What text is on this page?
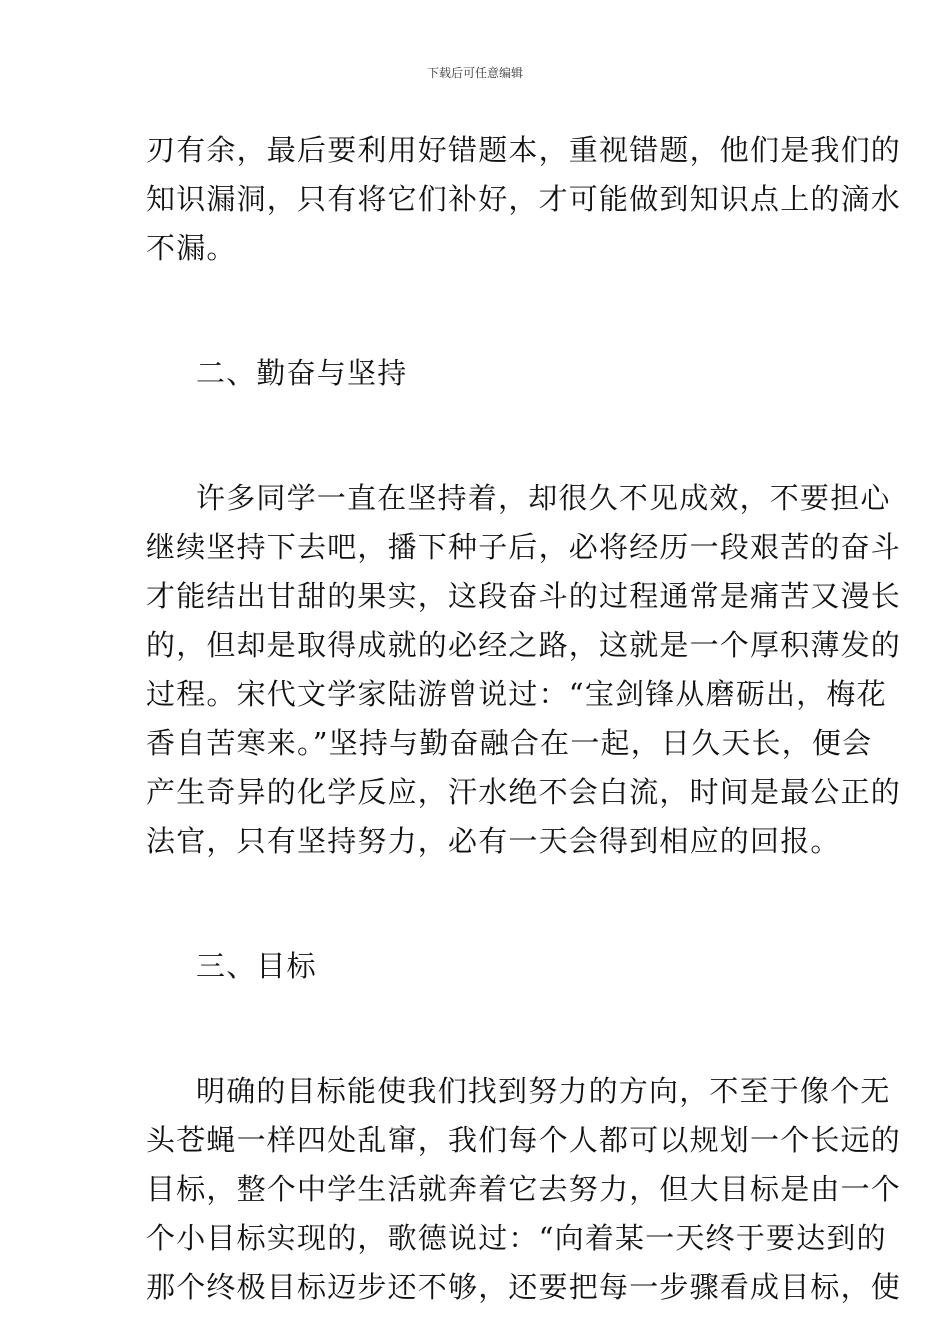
下载后可任意编辑
刃有余，最后要利用好错题本，重视错题，他们是我们的
知识漏洞，只有将它们补好，才可能做到知识点上的滴水
不漏。
二、勤奋与坚持
许多同学一直在坚持着，却很久不见成效，不要担心
继续坚持下去吧，播下种子后，必将经历一段艰苦的奋斗
才能结出甘甜的果实，这段奋斗的过程通常是痛苦又漫长
的，但却是取得成就的必经之路，这就是一个厚积薄发的
过程。宋代文学家陆游曾说过：“宝剑锋从磨砺出，梅花
香自苦寒来。”坚持与勤奋融合在一起，日久天长，便会
产生奇异的化学反应，汗水绝不会白流，时间是最公正的
法官，只有坚持努力，必有一天会得到相应的回报。
三、目标
明确的目标能使我们找到努力的方向，不至于像个无
头苍蝇一样四处乱窜，我们每个人都可以规划一个长远的
目标，整个中学生活就奔着它去努力，但大目标是由一个
个小目标实现的，歌德说过：“向着某一天终于要达到的
那个终极目标迈步还不够，还要把每一步骤看成目标，使
